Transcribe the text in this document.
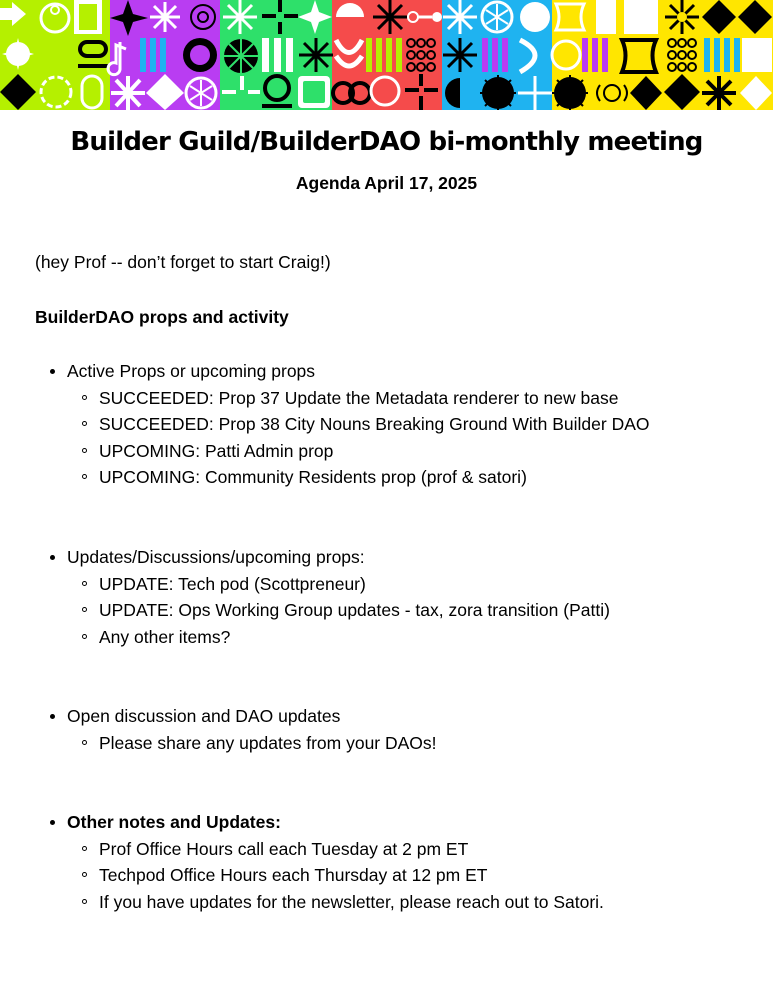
Builder Guild/BuilderDAO bi-monthly meeting
Agenda April 17, 2025
(hey Prof -- don’t forget to start Craig!)
BuilderDAO props and activity
Active Props or upcoming props
SUCCEEDED: Prop 37 Update the Metadata renderer to new base
SUCCEEDED: Prop 38 City Nouns Breaking Ground With Builder DAO
UPCOMING: Patti Admin prop
UPCOMING: Community Residents prop (prof & satori)
Updates/Discussions/upcoming props:
UPDATE: Tech pod (Scottpreneur)
UPDATE: Ops Working Group updates - tax, zora transition (Patti)
Any other items?
Open discussion and DAO updates
Please share any updates from your DAOs!
Other notes and Updates:
Prof Office Hours call each Tuesday at 2 pm ET
Techpod Office Hours each Thursday at 12 pm ET
If you have updates for the newsletter, please reach out to Satori.
